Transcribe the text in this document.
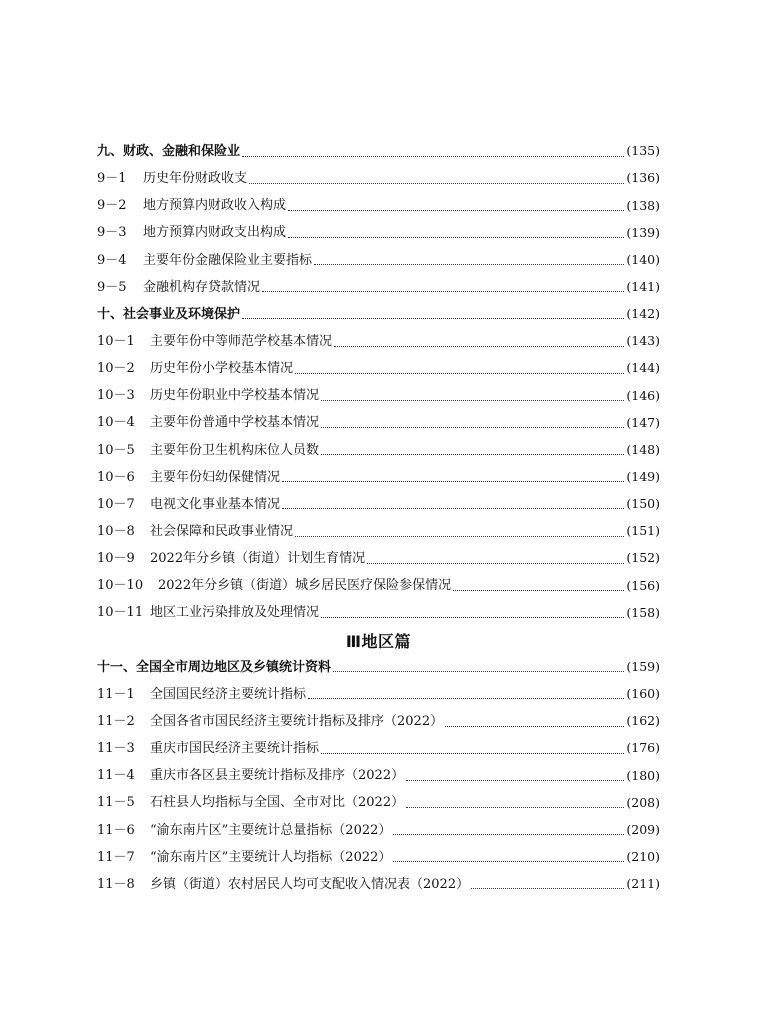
九、财政、金融和保险业	(135)
9－1	历史年份财政收支	(136)
9－2	地方预算内财政收入构成	(138)
9－3	地方预算内财政支出构成	(139)
9－4	主要年份金融保险业主要指标	(140)
9－5	金融机构存贷款情况	(141)
十、社会事业及环境保护	(142)
10－1	主要年份中等师范学校基本情况	(143)
10－2	历史年份小学校基本情况	(144)
10－3	历史年份职业中学校基本情况	(146)
10－4	主要年份普通中学校基本情况	(147)
10－5	主要年份卫生机构床位人员数	(148)
10－6	主要年份妇幼保健情况	(149)
10－7	电视文化事业基本情况	(150)
10－8	社会保障和民政事业情况	(151)
10－9	2022年分乡镇（街道）计划生育情况	(152)
10－10	2022年分乡镇（街道）城乡居民医疗保险参保情况	(156)
10－11 地区工业污染排放及处理情况	(158)
Ⅲ地区篇
十一、全国全市周边地区及乡镇统计资料	(159)
11－1	全国国民经济主要统计指标	(160)
11－2	全国各省市国民经济主要统计指标及排序（2022）	(162)
11－3	重庆市国民经济主要统计指标	(176)
11－4	重庆市各区县主要统计指标及排序（2022）	(180)
11－5	石柱县人均指标与全国、全市对比（2022）	(208)
11－6	“渝东南片区”主要统计总量指标（2022）	(209)
11－7	“渝东南片区”主要统计人均指标（2022）	(210)
11－8	乡镇（街道）农村居民人均可支配收入情况表（2022）	(211)
